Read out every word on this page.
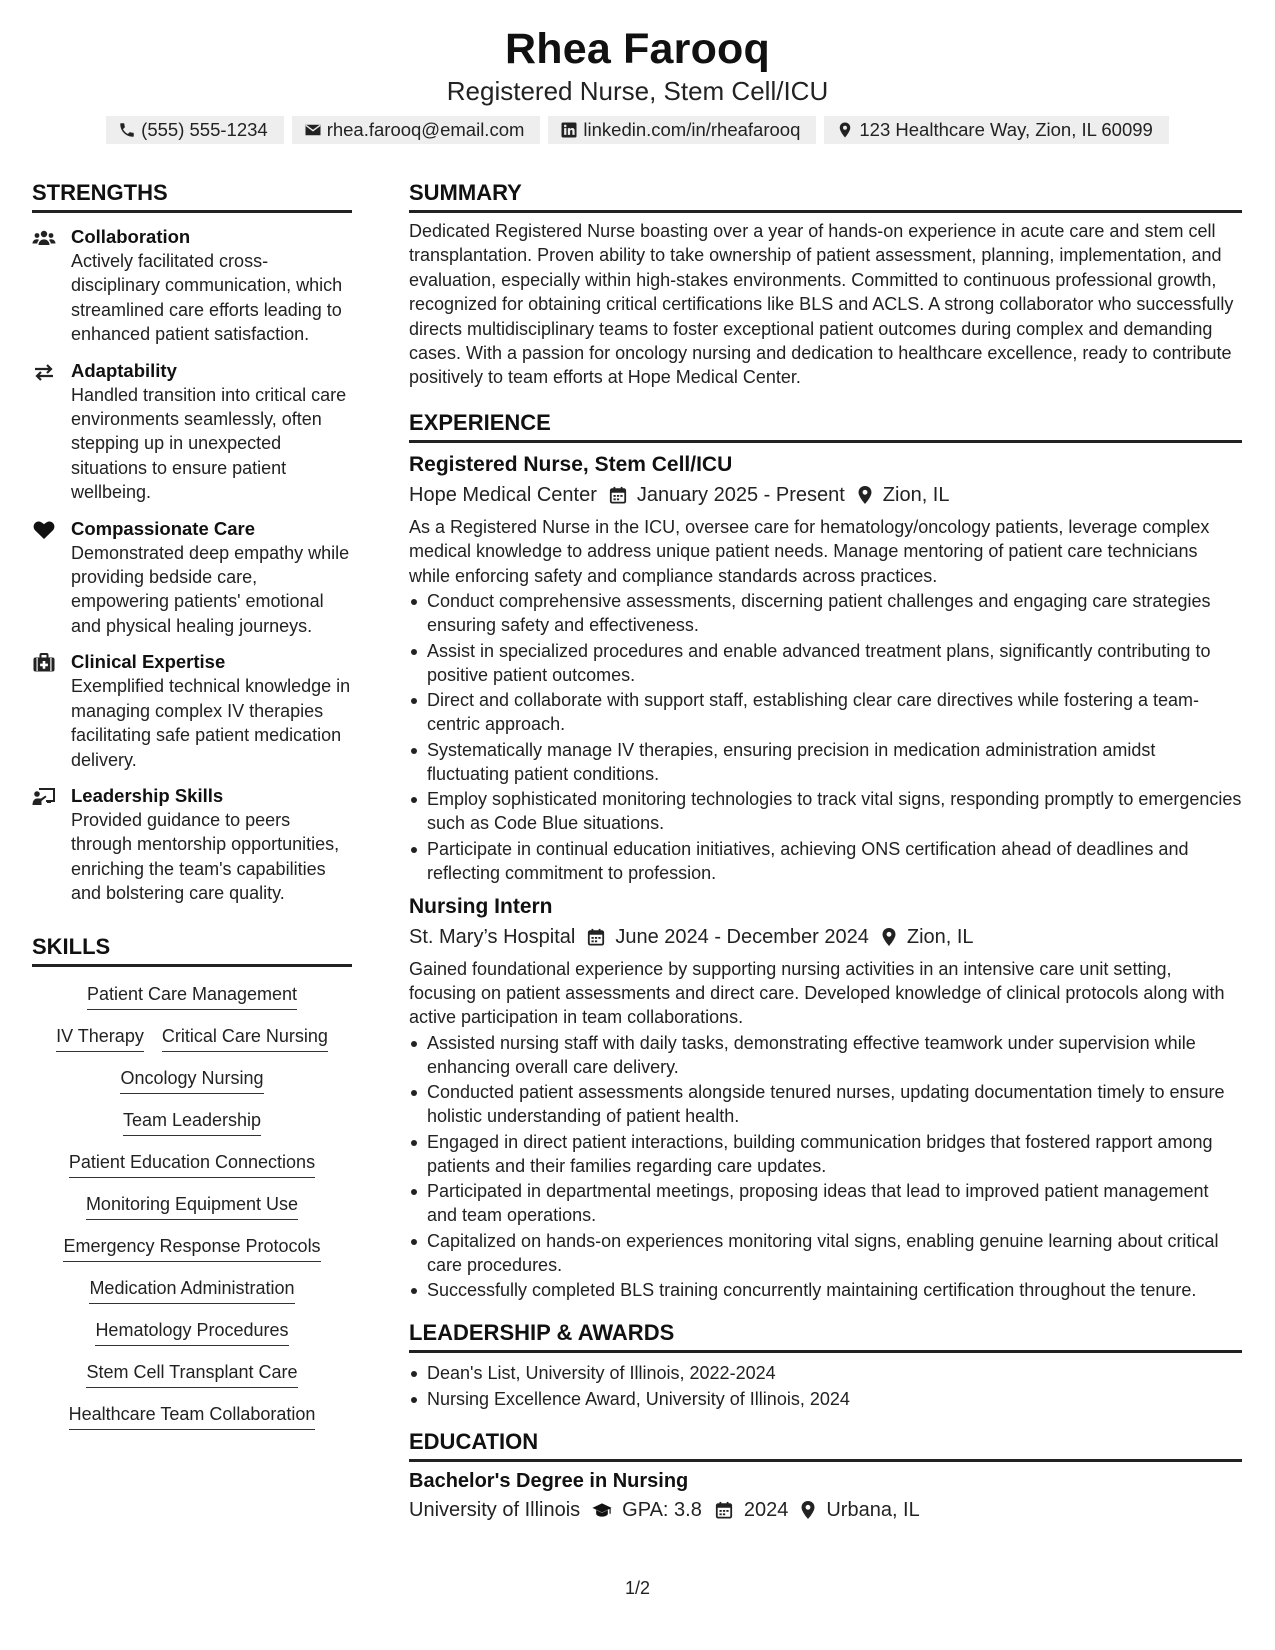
Rhea Farooq
Registered Nurse, Stem Cell/ICU
(555) 555-1234	rhea.farooq@email.com	linkedin.com/in/rheafarooq	123 Healthcare Way, Zion, IL 60099
STRENGTHS
Collaboration
Actively facilitated cross-disciplinary communication, which streamlined care efforts leading to enhanced patient satisfaction.
Adaptability
Handled transition into critical care environments seamlessly, often stepping up in unexpected situations to ensure patient wellbeing.
Compassionate Care
Demonstrated deep empathy while providing bedside care, empowering patients' emotional and physical healing journeys.
Clinical Expertise
Exemplified technical knowledge in managing complex IV therapies facilitating safe patient medication delivery.
Leadership Skills
Provided guidance to peers through mentorship opportunities, enriching the team's capabilities and bolstering care quality.
SKILLS
Patient Care Management
IV Therapy Critical Care Nursing
Oncology Nursing
Team Leadership
Patient Education Connections
Monitoring Equipment Use
Emergency Response Protocols
Medication Administration
Hematology Procedures
Stem Cell Transplant Care
Healthcare Team Collaboration
SUMMARY
Dedicated Registered Nurse boasting over a year of hands-on experience in acute care and stem cell transplantation. Proven ability to take ownership of patient assessment, planning, implementation, and evaluation, especially within high-stakes environments. Committed to continuous professional growth, recognized for obtaining critical certifications like BLS and ACLS. A strong collaborator who successfully directs multidisciplinary teams to foster exceptional patient outcomes during complex and demanding cases. With a passion for oncology nursing and dedication to healthcare excellence, ready to contribute positively to team efforts at Hope Medical Center.
EXPERIENCE
Registered Nurse, Stem Cell/ICU
Hope Medical Center January 2025 - Present Zion, IL
As a Registered Nurse in the ICU, oversee care for hematology/oncology patients, leverage complex medical knowledge to address unique patient needs. Manage mentoring of patient care technicians while enforcing safety and compliance standards across practices.
Conduct comprehensive assessments, discerning patient challenges and engaging care strategies ensuring safety and effectiveness.
Assist in specialized procedures and enable advanced treatment plans, significantly contributing to positive patient outcomes.
Direct and collaborate with support staff, establishing clear care directives while fostering a team-centric approach.
Systematically manage IV therapies, ensuring precision in medication administration amidst fluctuating patient conditions.
Employ sophisticated monitoring technologies to track vital signs, responding promptly to emergencies such as Code Blue situations.
Participate in continual education initiatives, achieving ONS certification ahead of deadlines and reflecting commitment to profession.
Nursing Intern
St. Mary’s Hospital June 2024 - December 2024 Zion, IL
Gained foundational experience by supporting nursing activities in an intensive care unit setting, focusing on patient assessments and direct care. Developed knowledge of clinical protocols along with active participation in team collaborations.
Assisted nursing staff with daily tasks, demonstrating effective teamwork under supervision while enhancing overall care delivery.
Conducted patient assessments alongside tenured nurses, updating documentation timely to ensure holistic understanding of patient health.
Engaged in direct patient interactions, building communication bridges that fostered rapport among patients and their families regarding care updates.
Participated in departmental meetings, proposing ideas that lead to improved patient management and team operations.
Capitalized on hands-on experiences monitoring vital signs, enabling genuine learning about critical care procedures.
Successfully completed BLS training concurrently maintaining certification throughout the tenure.
LEADERSHIP & AWARDS
Dean's List, University of Illinois, 2022-2024
Nursing Excellence Award, University of Illinois, 2024
EDUCATION
Bachelor's Degree in Nursing
University of Illinois GPA: 3.8 2024 Urbana, IL
1/2
